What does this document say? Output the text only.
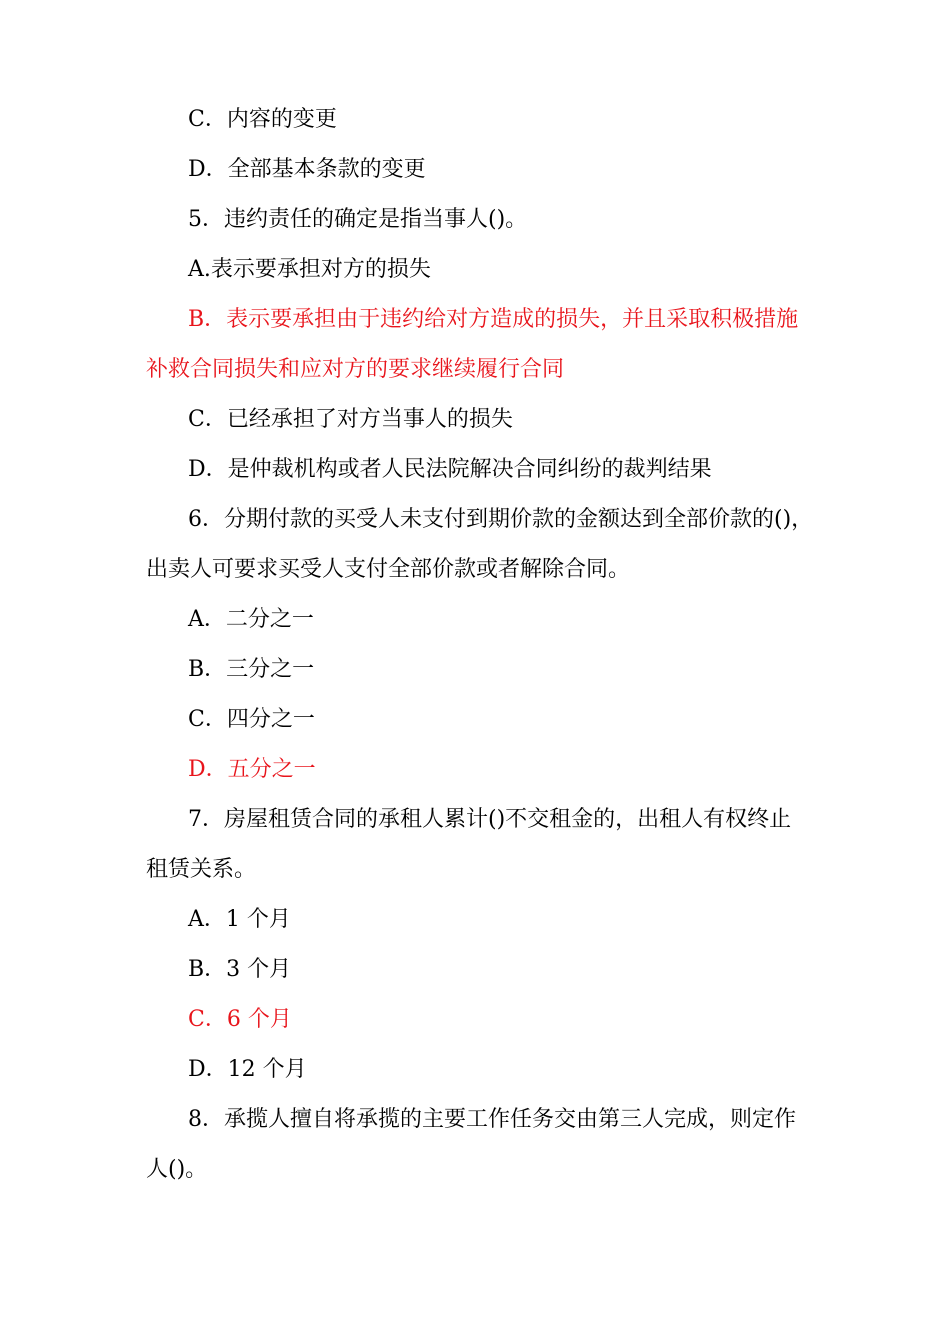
C．内容的变更
D．全部基本条款的变更
5．违约责任的确定是指当事人()。
A.表示要承担对方的损失
B．表示要承担由于违约给对方造成的损失，并且采取积极措施
补救合同损失和应对方的要求继续履行合同
C．已经承担了对方当事人的损失
D．是仲裁机构或者人民法院解决合同纠纷的裁判结果
6．分期付款的买受人未支付到期价款的金额达到全部价款的()，
出卖人可要求买受人支付全部价款或者解除合同。
A．二分之一
B．三分之一
C．四分之一
D．五分之一
7．房屋租赁合同的承租人累计()不交租金的，出租人有权终止
租赁关系。
A．1 个月
B．3 个月
C．6 个月
D．12 个月
8．承揽人擅自将承揽的主要工作任务交由第三人完成，则定作
人()。
